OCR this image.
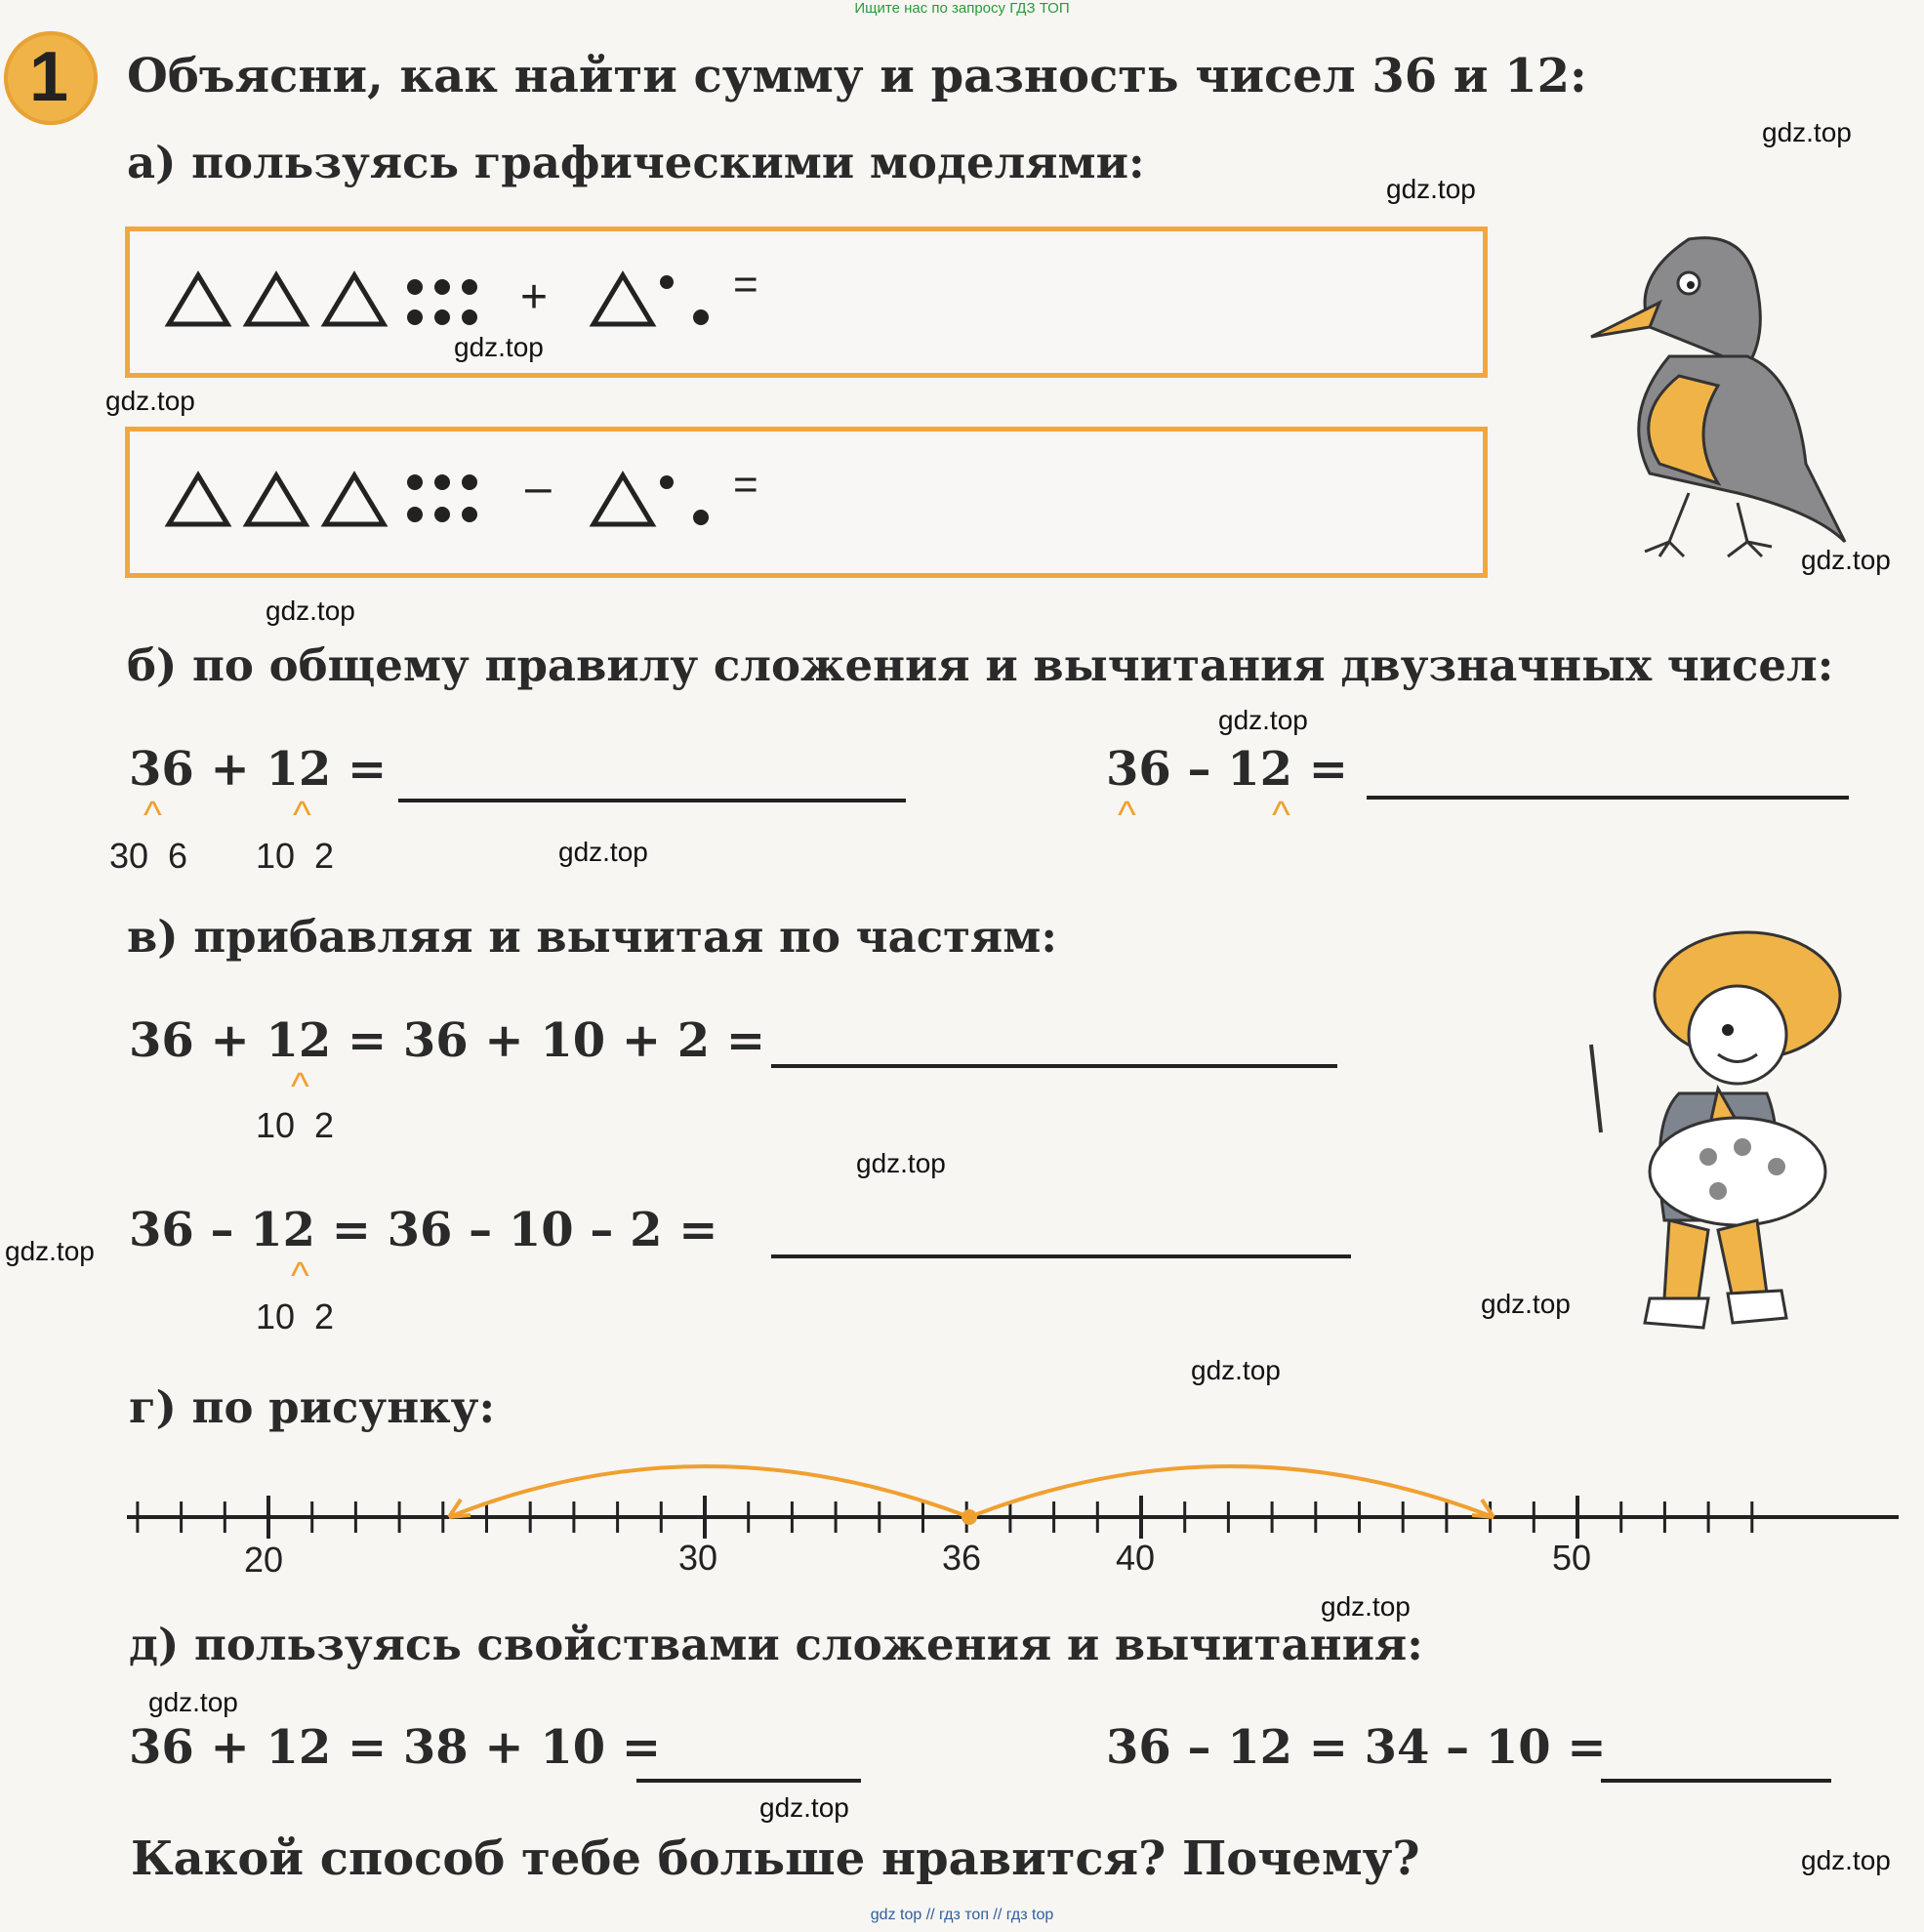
Ищите нас по запросу ГДЗ ТОП
1	Объясни, как найти сумму и разность чисел 36 и 12:
а) пользуясь графическими моделями:
+	=
–	=
б) по общему правилу сложения и вычитания двузначных чисел:
36 + 12 =
^	^
30  6 10  2
36 – 12 =
^	^
в) прибавляя и вычитая по частям:
36 + 12 = 36 + 10 + 2 =
^
10  2
36 – 12 = 36 – 10 – 2 =
^
10  2
г) по рисунку:
20	30	36	40	50
д) пользуясь свойствами сложения и вычитания:
36 + 12 = 38 + 10 =	36 – 12 = 34 – 10 =
Какой способ тебе больше нравится? Почему?
gdz.top
gdz.top
gdz.top
gdz.top
gdz.top
gdz.top
gdz.top
gdz.top
gdz.top
gdz.top
gdz.top
gdz.top
gdz.top
gdz.top
gdz.top
gdz.top
gdz top // гдз топ // гдз top
